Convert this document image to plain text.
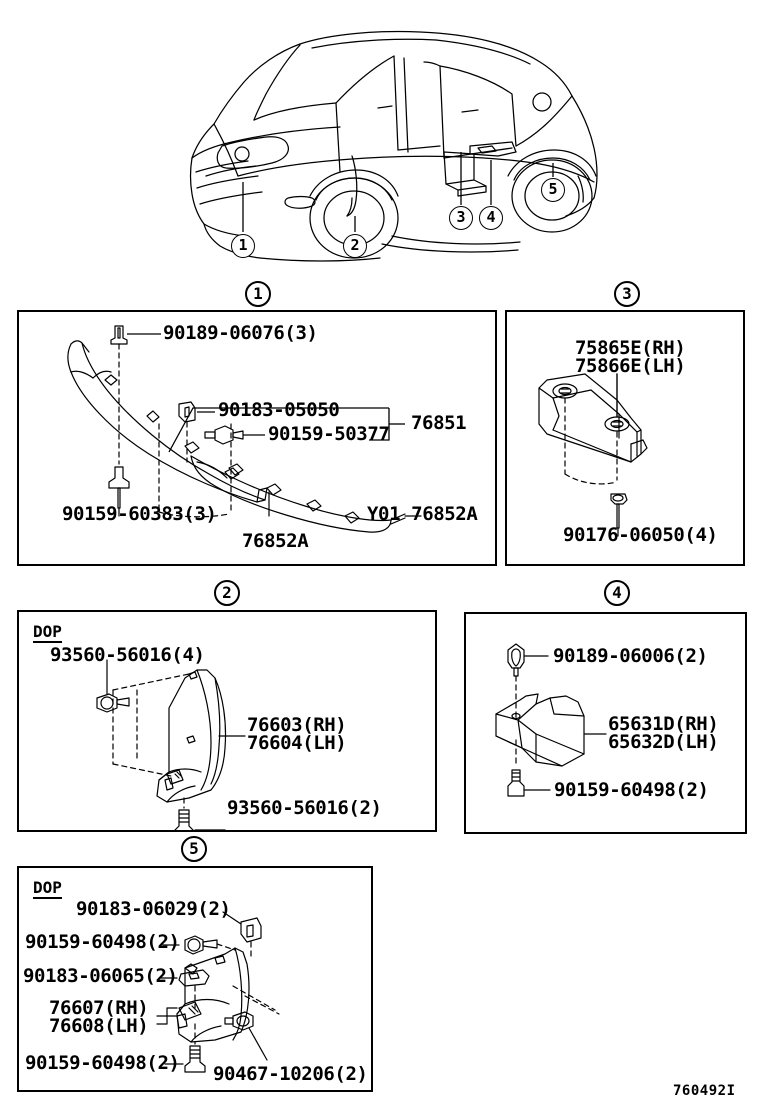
1	2
3	4
5
1
90189-06076(3)
76851
90183-05050
90159-50377
90159-60383(3)
76852A
Y01 76852A
3
75865E(RH)
75866E(LH)
90176-06050(4)
2
DOP
93560-56016(4)
76603(RH)
76604(LH)
93560-56016(2)
4
90189-06006(2)
65631D(RH)
65632D(LH)
90159-60498(2)
5
DOP
90183-06029(2)
90159-60498(2)
90183-06065(2)
76607(RH)
76608(LH)
90159-60498(2) 90467-10206(2)
760492I
